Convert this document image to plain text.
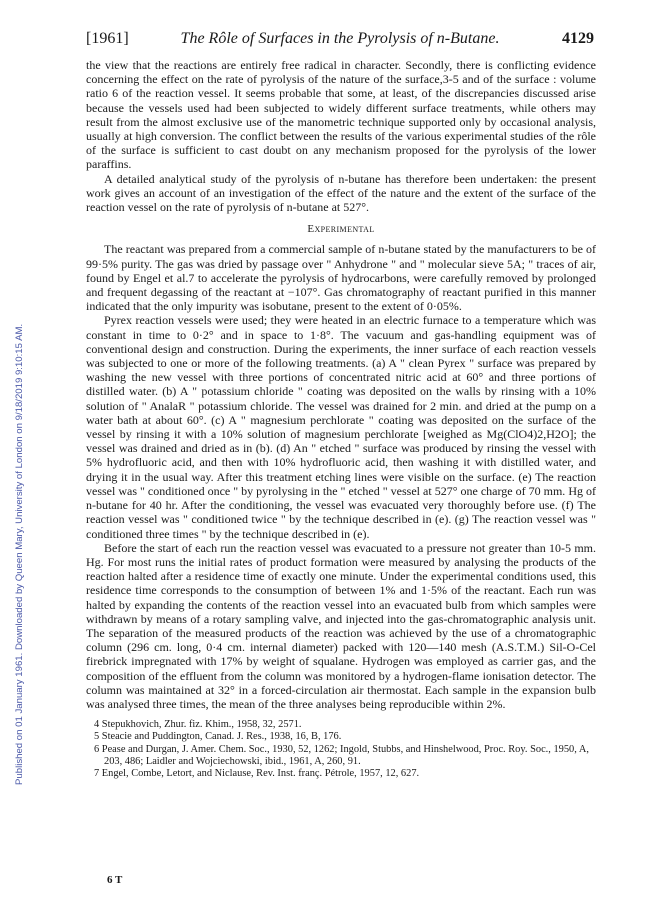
Published on 01 January 1961. Downloaded by Queen Mary, University of London on 9/18/2019 9:10:15 AM.
[1961]	The Rôle of Surfaces in the Pyrolysis of n-Butane.	4129

the view that the reactions are entirely free radical in character. Secondly, there is conflicting evidence concerning the effect on the rate of pyrolysis of the nature of the surface,3-5 and of the surface : volume ratio 6 of the reaction vessel. It seems probable that some, at least, of the discrepancies discussed arise because the vessels used had been subjected to widely different surface treatments, while others may result from the almost exclusive use of the manometric technique supported only by occasional analysis, usually at high conversion. The conflict between the results of the various experimental studies of the rôle of the surface is sufficient to cast doubt on any mechanism proposed for the pyrolysis of the lower paraffins.

A detailed analytical study of the pyrolysis of n-butane has therefore been undertaken: the present work gives an account of an investigation of the effect of the nature and the extent of the surface of the reaction vessel on the rate of pyrolysis of n-butane at 527°.

Experimental

The reactant was prepared from a commercial sample of n-butane stated by the manufacturers to be of 99·5% purity. The gas was dried by passage over " Anhydrone " and " molecular sieve 5A; " traces of air, found by Engel et al.7 to accelerate the pyrolysis of hydrocarbons, were carefully removed by prolonged and frequent degassing of the reactant at −107°. Gas chromatography of reactant purified in this manner indicated that the only impurity was isobutane, present to the extent of 0·05%.

Pyrex reaction vessels were used; they were heated in an electric furnace to a temperature which was constant in time to 0·2° and in space to 1·8°. The vacuum and gas-handling equipment was of conventional design and construction. During the experiments, the inner surface of each reaction vessels was subjected to one or more of the following treatments. (a) A " clean Pyrex " surface was prepared by washing the new vessel with three portions of concentrated nitric acid at 60° and three portions of distilled water. (b) A " potassium chloride " coating was deposited on the walls by rinsing with a 10% solution of " AnalaR " potassium chloride. The vessel was drained for 2 min. and dried at the pump on a water bath at about 60°. (c) A " magnesium perchlorate " coating was deposited on the surface of the vessel by rinsing it with a 10% solution of magnesium perchlorate [weighed as Mg(ClO4)2,H2O]; the vessel was drained and dried as in (b). (d) An " etched " surface was produced by rinsing the vessel with 5% hydrofluoric acid, and then with 10% hydrofluoric acid, then washing it with distilled water, and drying it in the usual way. After this treatment etching lines were visible on the surface. (e) The reaction vessel was " conditioned once " by pyrolysing in the " etched " vessel at 527° one charge of 70 mm. Hg of n-butane for 40 hr. After the conditioning, the vessel was evacuated very thoroughly before use. (f) The reaction vessel was " conditioned twice " by the technique described in (e). (g) The reaction vessel was " conditioned three times " by the technique described in (e).

Before the start of each run the reaction vessel was evacuated to a pressure not greater than 10-5 mm. Hg. For most runs the initial rates of product formation were measured by analysing the products of the reaction halted after a residence time of exactly one minute. Under the experimental conditions used, this residence time corresponds to the consumption of between 1% and 1·5% of the reactant. Each run was halted by expanding the contents of the reaction vessel into an evacuated bulb from which samples were withdrawn by means of a rotary sampling valve, and injected into the gas-chromatographic analysis unit. The separation of the measured products of the reaction was achieved by the use of a chromatographic column (296 cm. long, 0·4 cm. internal diameter) packed with 120—140 mesh (A.S.T.M.) Sil-O-Cel firebrick impregnated with 17% by weight of squalane. Hydrogen was employed as carrier gas, and the composition of the effluent from the column was monitored by a hydrogen-flame ionisation detector. The column was maintained at 32° in a forced-circulation air thermostat. Each sample in the expansion bulb was analysed three times, the mean of the three analyses being reproducible within 2%.

4 Stepukhovich, Zhur. fiz. Khim., 1958, 32, 2571.

5 Steacie and Puddington, Canad. J. Res., 1938, 16, B, 176.

6 Pease and Durgan, J. Amer. Chem. Soc., 1930, 52, 1262; Ingold, Stubbs, and Hinshelwood, Proc. Roy. Soc., 1950, A, 203, 486; Laidler and Wojciechowski, ibid., 1961, A, 260, 91.

7 Engel, Combe, Letort, and Niclause, Rev. Inst. franç. Pétrole, 1957, 12, 627.

6 T
